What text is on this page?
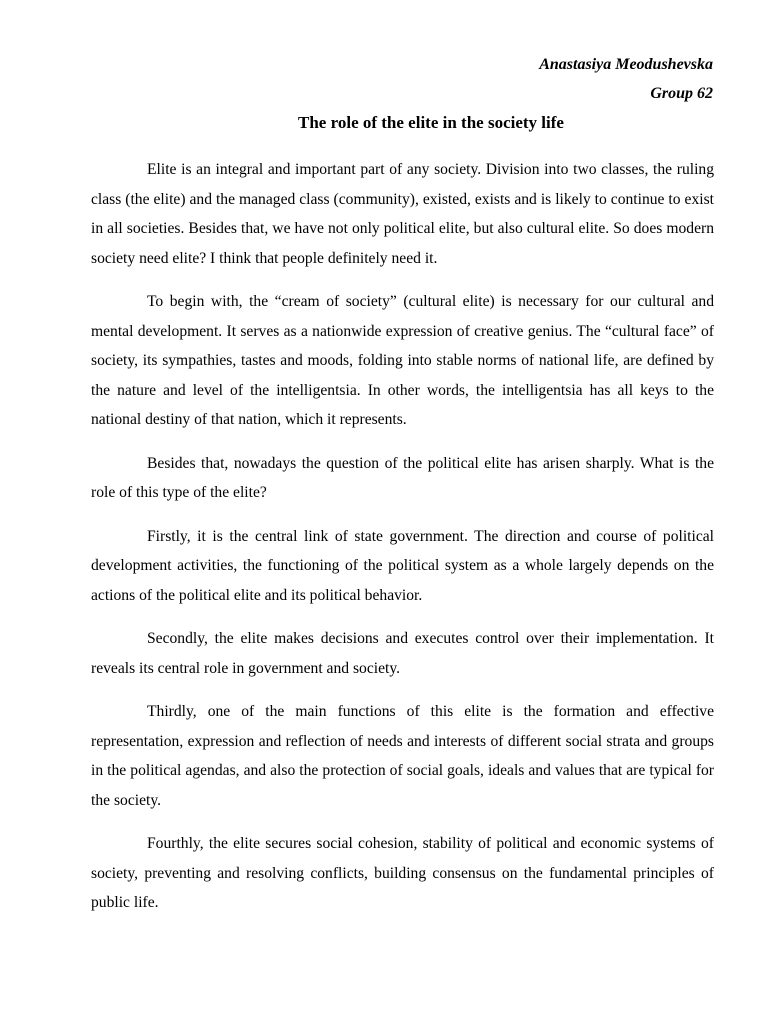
Anastasiya Meodushevska
Group 62
The role of the elite in the society life

Elite is an integral and important part of any society. Division into two classes, the ruling class (the elite) and the managed class (community), existed, exists and is likely to continue to exist in all societies. Besides that, we have not only political elite, but also cultural elite. So does modern society need elite? I think that people definitely need it.

To begin with, the “cream of society” (cultural elite) is necessary for our cultural and mental development. It serves as a nationwide expression of creative genius. The “cultural face” of society, its sympathies, tastes and moods, folding into stable norms of national life, are defined by the nature and level of the intelligentsia. In other words, the intelligentsia has all keys to the national destiny of that nation, which it represents.

Besides that, nowadays the question of the political elite has arisen sharply. What is the role of this type of the elite?

Firstly, it is the central link of state government. The direction and course of political development activities, the functioning of the political system as a whole largely depends on the actions of the political elite and its political behavior.

Secondly, the elite makes decisions and executes control over their implementation. It reveals its central role in government and society.

Thirdly, one of the main functions of this elite is the formation and effective representation, expression and reflection of needs and interests of different social strata and groups in the political agendas, and also the protection of social goals, ideals and values that are typical for the society.

Fourthly, the elite secures social cohesion, stability of political and economic systems of society, preventing and resolving conflicts, building consensus on the fundamental principles of public life.
